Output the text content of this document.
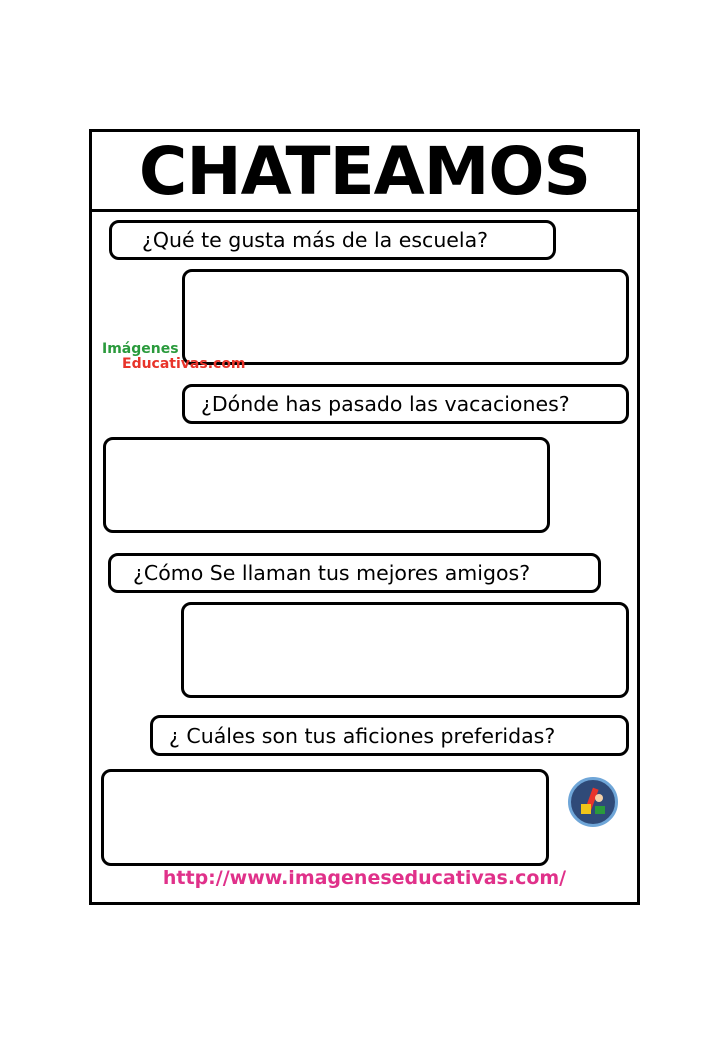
CHATEAMOS
¿Qué te gusta más de la escuela?
Imágenes
Educativas.com
¿Dónde has pasado las vacaciones?
¿Cómo Se llaman tus mejores amigos?
¿ Cuáles son tus aficiones preferidas?
http://www.imageneseducativas.com/
